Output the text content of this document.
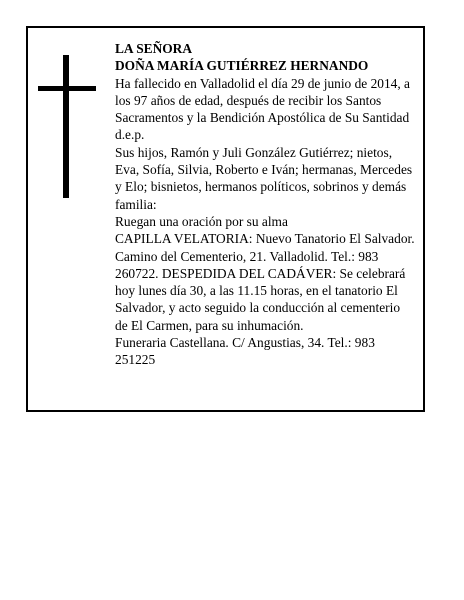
LA SEÑORA

DOÑA MARÍA GUTIÉRREZ HERNANDO

Ha fallecido en Valladolid el día 29 de junio de 2014, a los 97 años de edad, después de recibir los Santos Sacramentos y la Bendición Apostólica de Su Santidad d.e.p.

Sus hijos, Ramón y Juli González Gutiérrez; nietos, Eva, Sofía, Silvia, Roberto e Iván; hermanas, Mercedes y Elo; bisnietos, hermanos políticos, sobrinos y demás familia:

Ruegan una oración por su alma

CAPILLA VELATORIA: Nuevo Tanatorio El Salvador. Camino del Cementerio, 21. Valladolid. Tel.: 983 260722. DESPEDIDA DEL CADÁVER: Se celebrará hoy lunes día 30, a las 11.15 horas, en el tanatorio El Salvador, y acto seguido la conducción al cementerio de El Carmen, para su inhumación.

Funeraria Castellana. C/ Angustias, 34. Tel.: 983 251225
